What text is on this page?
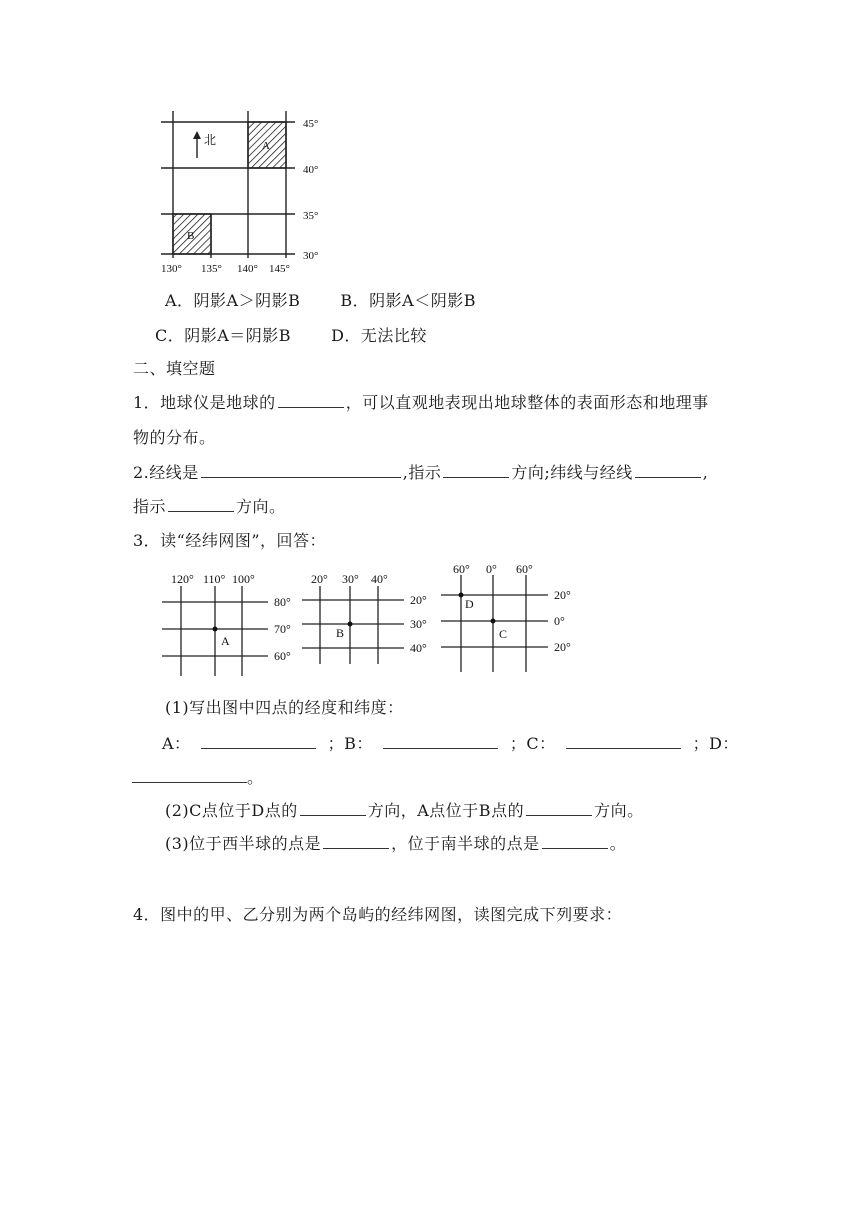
北	A
B
45°
40°
35°
30°
130° 135° 140° 145°
A．阴影A＞阴影B	B．阴影A＜阴影B
C．阴影A＝阴影B	D．无法比较
二、填空题
1．地球仪是地球的	，可以直观地表现出地球整体的表面形态和地理事
物的分布。
2.经线是	,指示	方向;纬线与经线	,
指示	方向。
3．读“经纬网图”，回答：
A
120° 110° 100°
80°
70°
60°
B
20° 30° 40°
20°
30°
40°
D
C
60° 0° 60°
20°
0°
20°
(1)写出图中四点的经度和纬度：
A：	；B：	；C：	；D：
。
(2)C点位于D点的	方向，A点位于B点的	方向。
(3)位于西半球的点是	，位于南半球的点是	。
4．图中的甲、乙分别为两个岛屿的经纬网图，读图完成下列要求：
